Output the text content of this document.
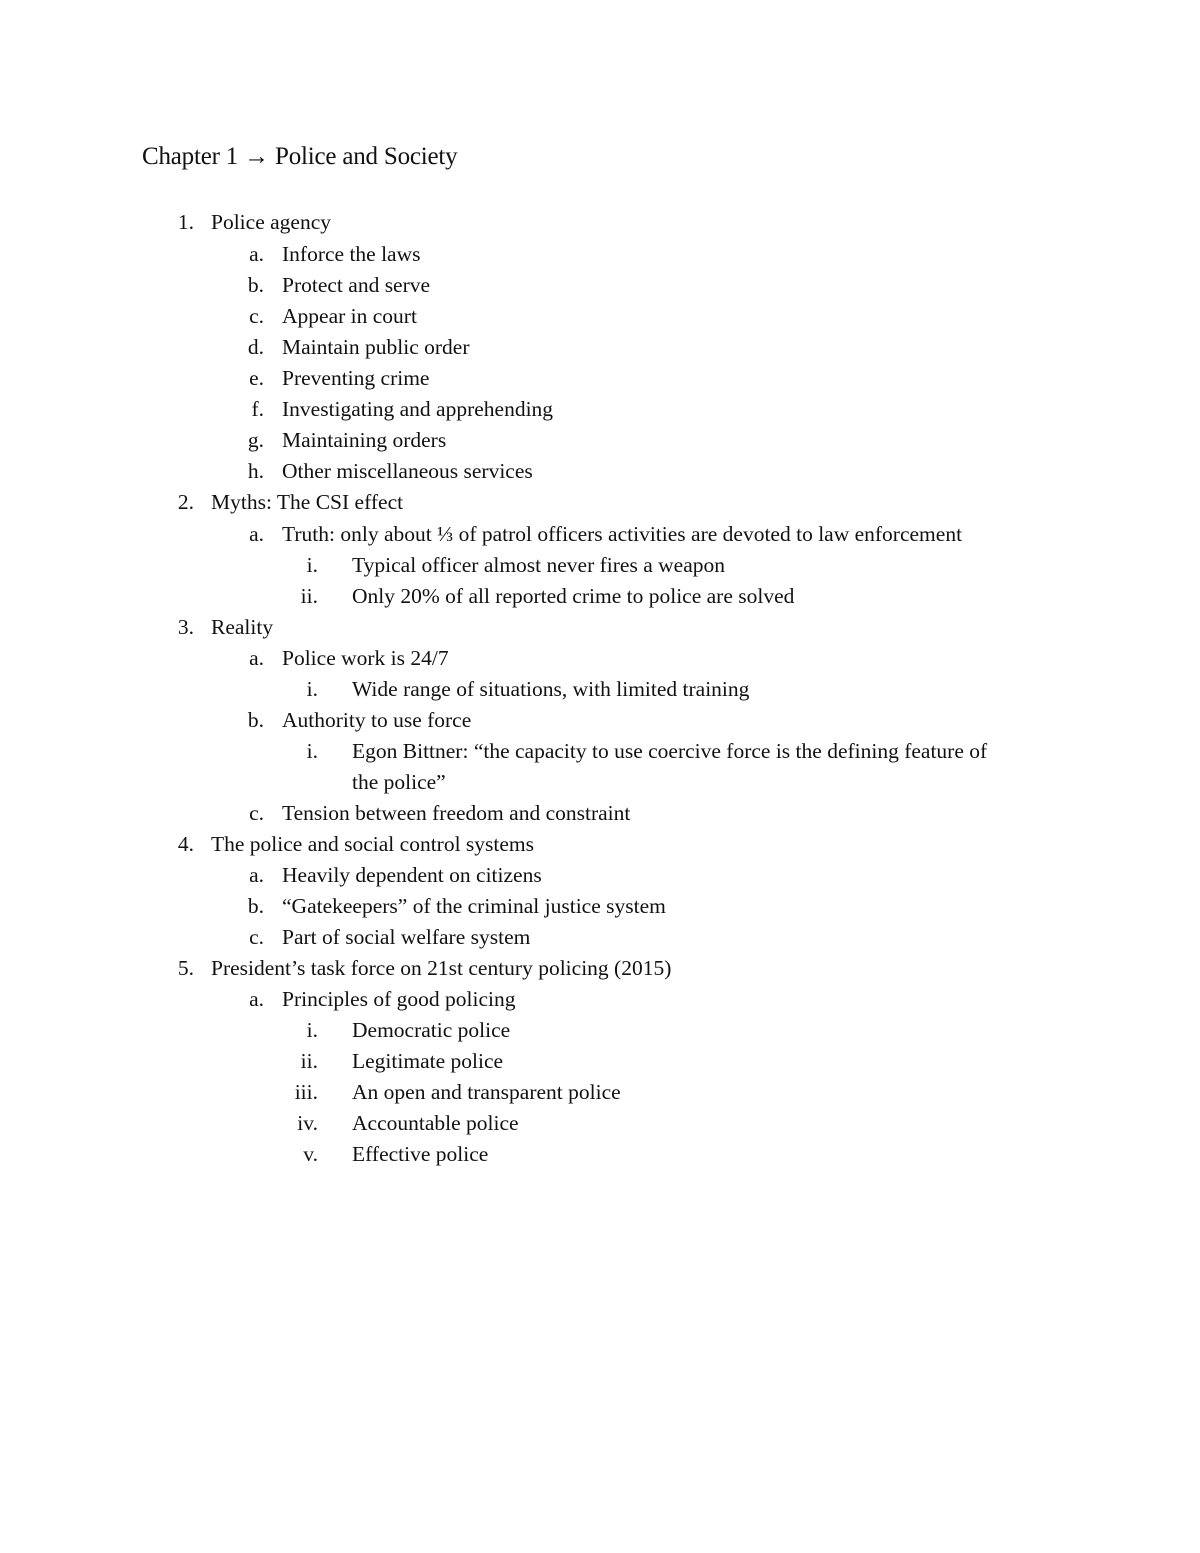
Chapter 1 → Police and Society
1. Police agency
a. Inforce the laws
b. Protect and serve
c. Appear in court
d. Maintain public order
e. Preventing crime
f. Investigating and apprehending
g. Maintaining orders
h. Other miscellaneous services
2. Myths: The CSI effect
a. Truth: only about ⅓ of patrol officers activities are devoted to law enforcement
i. Typical officer almost never fires a weapon
ii. Only 20% of all reported crime to police are solved
3. Reality
a. Police work is 24/7
i. Wide range of situations, with limited training
b. Authority to use force
i. Egon Bittner: “the capacity to use coercive force is the defining feature of
the police”
c. Tension between freedom and constraint
4. The police and social control systems
a. Heavily dependent on citizens
b. “Gatekeepers” of the criminal justice system
c. Part of social welfare system
5. President’s task force on 21st century policing (2015)
a. Principles of good policing
i. Democratic police
ii. Legitimate police
iii. An open and transparent police
iv. Accountable police
v. Effective police
